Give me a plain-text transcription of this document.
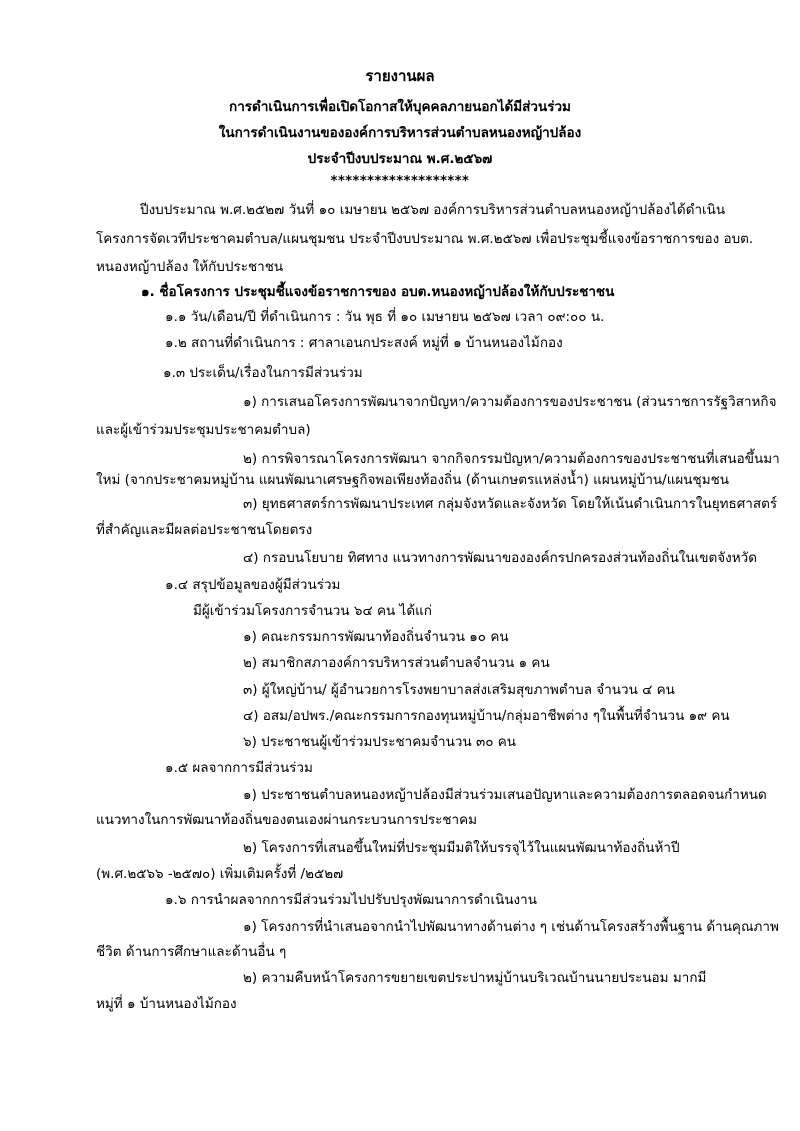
รายงานผล
การดำเนินการเพื่อเปิดโอกาสให้บุคคลภายนอกได้มีส่วนร่วม
ในการดำเนินงานขององค์การบริหารส่วนตำบลหนองหญ้าปล้อง
ประจำปีงบประมาณ พ.ศ.๒๕๖๗
*******************
ปีงบประมาณ พ.ศ.๒๕๒๗ วันที่ ๑๐ เมษายน ๒๕๖๗ องค์การบริหารส่วนตำบลหนองหญ้าปล้องได้ดำเนิน
โครงการจัดเวทีประชาคมตำบล/แผนชุมชน ประจำปีงบประมาณ พ.ศ.๒๕๖๗ เพื่อประชุมชี้แจงข้อราชการของ อบต.
หนองหญ้าปล้อง ให้กับประชาชน
๑. ชื่อโครงการ ประชุมชี้แจงข้อราชการของ อบต.หนองหญ้าปล้องให้กับประชาชน
๑.๑ วัน/เดือน/ปี ที่ดำเนินการ : วัน พุธ ที่ ๑๐ เมษายน ๒๕๖๗ เวลา ๐๙:๐๐ น.
๑.๒ สถานที่ดำเนินการ : ศาลาเอนกประสงค์ หมู่ที่ ๑ บ้านหนองไม้กอง
๑.๓ ประเด็น/เรื่องในการมีส่วนร่วม
๑) การเสนอโครงการพัฒนาจากปัญหา/ความต้องการของประชาชน (ส่วนราชการรัฐวิสาหกิจ
และผู้เข้าร่วมประชุมประชาคมตำบล)
๒) การพิจารณาโครงการพัฒนา จากกิจกรรมปัญหา/ความต้องการของประชาชนที่เสนอขึ้นมา
ใหม่ (จากประชาคมหมู่บ้าน แผนพัฒนาเศรษฐกิจพอเพียงท้องถิ่น (ด้านเกษตรแหล่งน้ำ) แผนหมู่บ้าน/แผนชุมชน
๓) ยุทธศาสตร์การพัฒนาประเทศ กลุ่มจังหวัดและจังหวัด โดยให้เน้นดำเนินการในยุทธศาสตร์
ที่สำคัญและมีผลต่อประชาชนโดยตรง
๔) กรอบนโยบาย ทิศทาง แนวทางการพัฒนาขององค์กรปกครองส่วนท้องถิ่นในเขตจังหวัด
๑.๔ สรุปข้อมูลของผู้มีส่วนร่วม
มีผู้เข้าร่วมโครงการจำนวน ๖๔ คน ได้แก่
๑) คณะกรรมการพัฒนาท้องถิ่นจำนวน ๑๐ คน
๒) สมาชิกสภาองค์การบริหารส่วนตำบลจำนวน ๑ คน
๓) ผู้ใหญ่บ้าน/ ผู้อำนวยการโรงพยาบาลส่งเสริมสุขภาพตำบล จำนวน ๔ คน
๔) อสม/อปพร./คณะกรรมการกองทุนหมู่บ้าน/กลุ่มอาชีพต่าง ๆในพื้นที่จำนวน ๑๙ คน
๖) ประชาชนผู้เข้าร่วมประชาคมจำนวน ๓๐ คน
๑.๕ ผลจากการมีส่วนร่วม
๑) ประชาชนตำบลหนองหญ้าปล้องมีส่วนร่วมเสนอปัญหาและความต้องการตลอดจนกำหนด
แนวทางในการพัฒนาท้องถิ่นของตนเองผ่านกระบวนการประชาคม
๒) โครงการที่เสนอขึ้นใหม่ที่ประชุมมีมติให้บรรจุไว้ในแผนพัฒนาท้องถิ่นห้าปี
(พ.ศ.๒๕๖๖ -๒๕๗๐) เพิ่มเติมครั้งที่ /๒๕๒๗
๑.๖ การนำผลจากการมีส่วนร่วมไปปรับปรุงพัฒนาการดำเนินงาน
๑) โครงการที่นำเสนอจากนำไปพัฒนาทางด้านต่าง ๆ เช่นด้านโครงสร้างพื้นฐาน ด้านคุณภาพ
ชีวิต ด้านการศึกษาและด้านอื่น ๆ
๒) ความคืบหน้าโครงการขยายเขตประปาหมู่บ้านบริเวณบ้านนายประนอม มากมี
หมู่ที่ ๑ บ้านหนองไม้กอง
